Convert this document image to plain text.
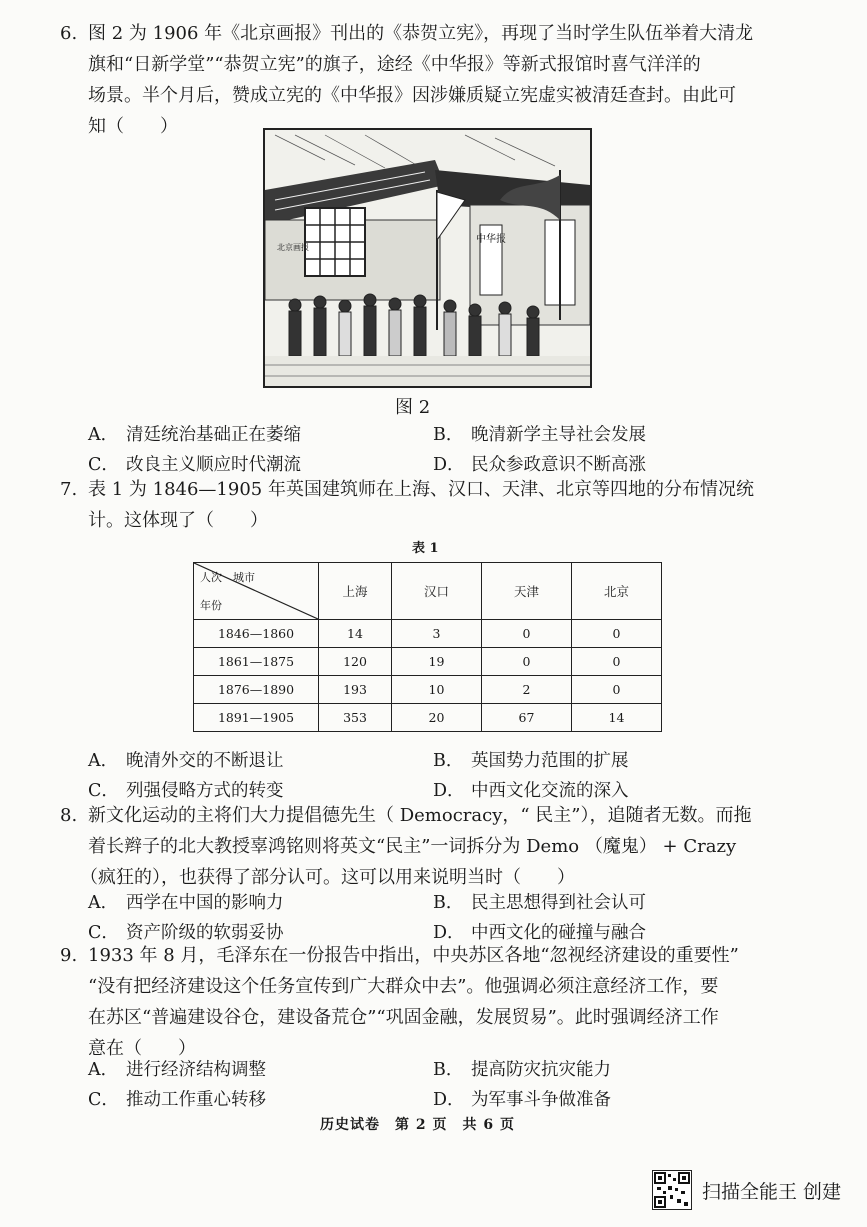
6. 图 2 为 1906 年《北京画报》刊出的《恭贺立宪》，再现了当时学生队伍举着大清龙

旗和“日新学堂”“恭贺立宪”的旗子，途经《中华报》等新式报馆时喜气洋洋的

场景。半个月后，赞成立宪的《中华报》因涉嫌质疑立宪虚实被清廷查封。由此可

知（　　）

中华报
北京画报
图 2
A． 清廷统治基础正在萎缩	B． 晚清新学主导社会发展
C． 改良主义顺应时代潮流	D． 民众参政意识不断高涨

7. 表 1 为 1846—1905 年英国建筑师在上海、汉口、天津、北京等四地的分布情况统

计。这体现了（　　）

表 1
人次　城市
年份	上海	汉口	天津	北京
1846—1860	14	3	0	0
1861—1875	120	19	0	0
1876—1890	193	10	2	0
1891—1905	353	20	67	14
A． 晚清外交的不断退让	B． 英国势力范围的扩展
C． 列强侵略方式的转变	D． 中西文化交流的深入

8. 新文化运动的主将们大力提倡德先生（ Democracy，“ 民主”），追随者无数。而拖

着长辫子的北大教授辜鸿铭则将英文“民主”一词拆分为 Demo （魔鬼） + Crazy

（疯狂的），也获得了部分认可。这可以用来说明当时（　　）

A． 西学在中国的影响力	B． 民主思想得到社会认可
C． 资产阶级的软弱妥协	D． 中西文化的碰撞与融合

9. 1933 年 8 月，毛泽东在一份报告中指出，中央苏区各地“忽视经济建设的重要性”

“没有把经济建设这个任务宣传到广大群众中去”。他强调必须注意经济工作，要

在苏区“普遍建设谷仓，建设备荒仓”“巩固金融，发展贸易”。此时强调经济工作

意在（　　）

A． 进行经济结构调整	B． 提高防灾抗灾能力
C． 推动工作重心转移	D． 为军事斗争做准备
历史试卷　第 2 页　共 6 页
扫描全能王 创建
